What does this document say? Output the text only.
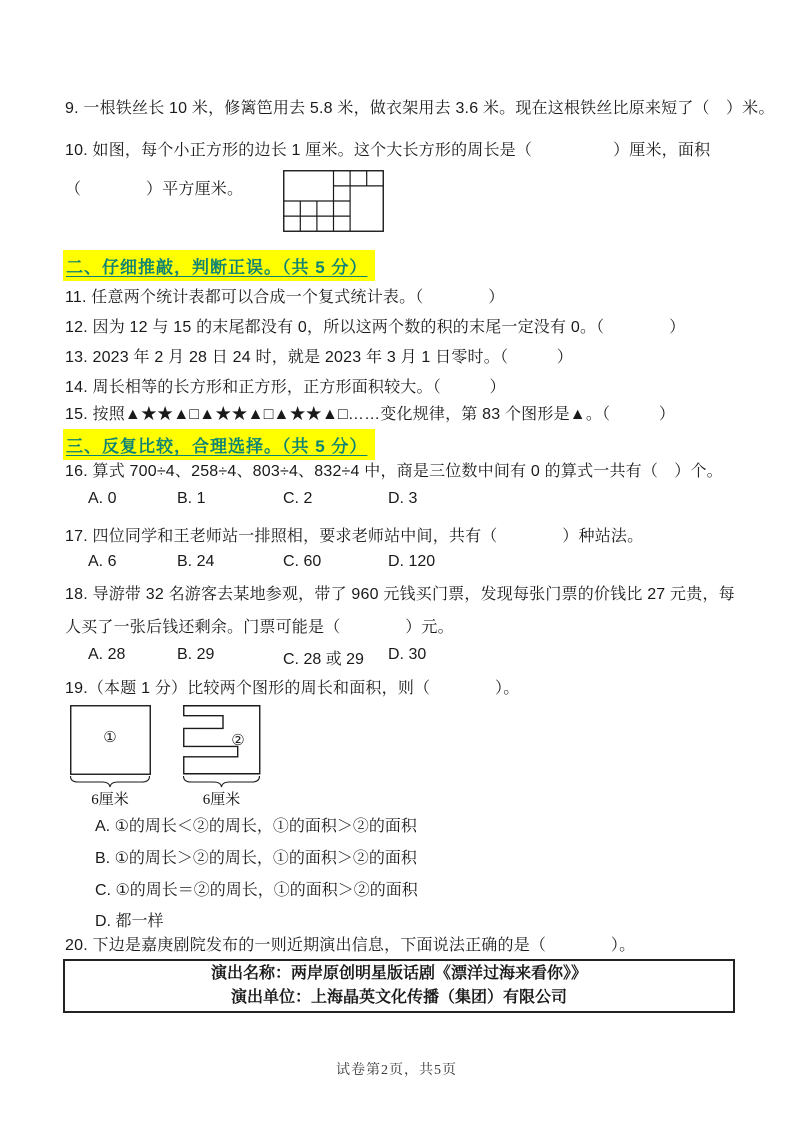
9. 一根铁丝长 10 米，修篱笆用去 5.8 米，做衣架用去 3.6 米。现在这根铁丝比原来短了（　）米。
10. 如图，每个小正方形的边长 1 厘米。这个大长方形的周长是（　　　　　）厘米，面积
（　　　　）平方厘米。
二、仔细推敲，判断正误。（共 5 分）
11. 任意两个统计表都可以合成一个复式统计表。（　　　　）
12. 因为 12 与 15 的末尾都没有 0，所以这两个数的积的末尾一定没有 0。（　　　　）
13. 2023 年 2 月 28 日 24 时，就是 2023 年 3 月 1 日零时。（　　　）
14. 周长相等的长方形和正方形，正方形面积较大。（　　　）
15. 按照▲★★▲□▲★★▲□▲★★▲□……变化规律，第 83 个图形是▲。（　　　）
三、反复比较，合理选择。（共 5 分）
16. 算式 700÷4、258÷4、803÷4、832÷4 中，商是三位数中间有 0 的算式一共有（　）个。
A. 0	B. 1	C. 2	D. 3
17. 四位同学和王老师站一排照相，要求老师站中间，共有（　　　　）种站法。
A. 6	B. 24	C. 60	D. 120
18. 导游带 32 名游客去某地参观，带了 960 元钱买门票，发现每张门票的价钱比 27 元贵，每
人买了一张后钱还剩余。门票可能是（　　　　）元。
A. 28	B. 29	C. 28 或 29 D. 30
19.（本题 1 分）比较两个图形的周长和面积，则（　　　　）。
①
6厘米
②
6厘米
A. ①的周长＜②的周长，①的面积＞②的面积
B. ①的周长＞②的周长，①的面积＞②的面积
C. ①的周长＝②的周长，①的面积＞②的面积
D. 都一样
20. 下边是嘉庚剧院发布的一则近期演出信息，下面说法正确的是（　　　　）。
演出名称：两岸原创明星版话剧《漂洋过海来看你》》
演出单位：上海晶英文化传播（集团）有限公司
试卷第2页，共5页
